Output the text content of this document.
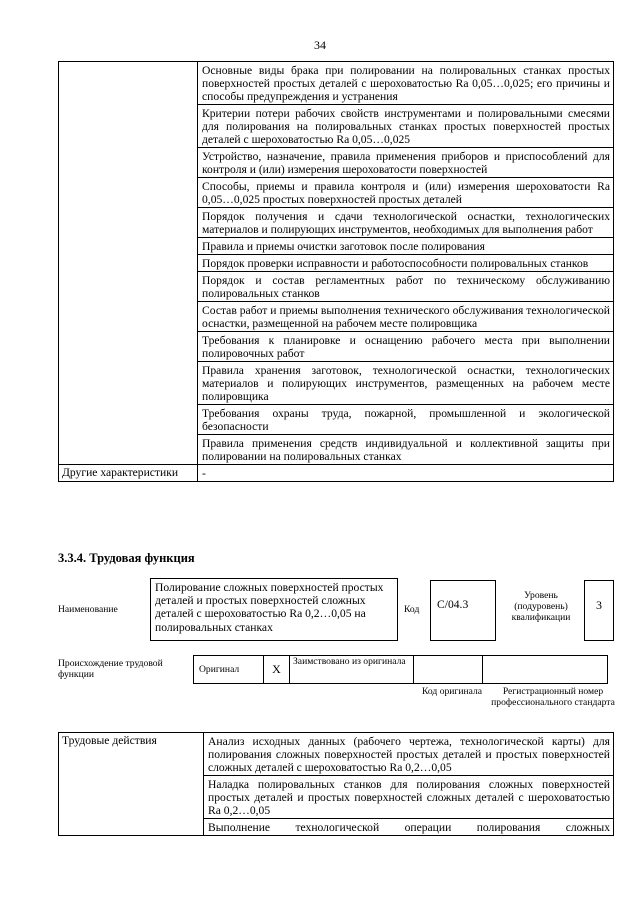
34
	Основные виды брака при полировании на полировальных станках простых поверхностей простых деталей с шероховатостью Ra 0,05…0,025; его причины и способы предупреждения и устранения
	Критерии потери рабочих свойств инструментами и полировальными смесями для полирования на полировальных станках простых поверхностей простых деталей с шероховатостью Ra 0,05…0,025
	Устройство, назначение, правила применения приборов и приспособлений для контроля и (или) измерения шероховатости поверхностей
	Способы, приемы и правила контроля и (или) измерения шероховатости Ra 0,05…0,025 простых поверхностей простых деталей
	Порядок получения и сдачи технологической оснастки, технологических материалов и полирующих инструментов, необходимых для выполнения работ
	Правила и приемы очистки заготовок после полирования
	Порядок проверки исправности и работоспособности полировальных станков
	Порядок и состав регламентных работ по техническому обслуживанию полировальных станков
	Состав работ и приемы выполнения технического обслуживания технологической оснастки, размещенной на рабочем месте полировщика
	Требования к планировке и оснащению рабочего места при выполнении полировочных работ
	Правила хранения заготовок, технологической оснастки, технологических материалов и полирующих инструментов, размещенных на рабочем месте полировщика
	Требования охраны труда, пожарной, промышленной и экологической безопасности
	Правила применения средств индивидуальной и коллективной защиты при полировании на полировальных станках
Другие характеристики	-
3.3.4. Трудовая функция
Наименование
Полирование сложных поверхностей простых деталей и простых поверхностей сложных деталей с шероховатостью Ra 0,2…0,05 на полировальных станках
Код	C/04.3
Уровень (подуровень) квалификации
3
Происхождение трудовой функции	Оригинал	X	Заимствовано из оригинала		
Код оригинала	Регистрационный номер профессионального стандарта
Трудовые действия	Анализ исходных данных (рабочего чертежа, технологической карты) для полирования сложных поверхностей простых деталей и простых поверхностей сложных деталей с шероховатостью Ra 0,2…0,05
Наладка полировальных станков для полирования сложных поверхностей простых деталей и простых поверхностей сложных деталей с шероховатостью Ra 0,2…0,05

Выполнение технологической операции полирования сложных
